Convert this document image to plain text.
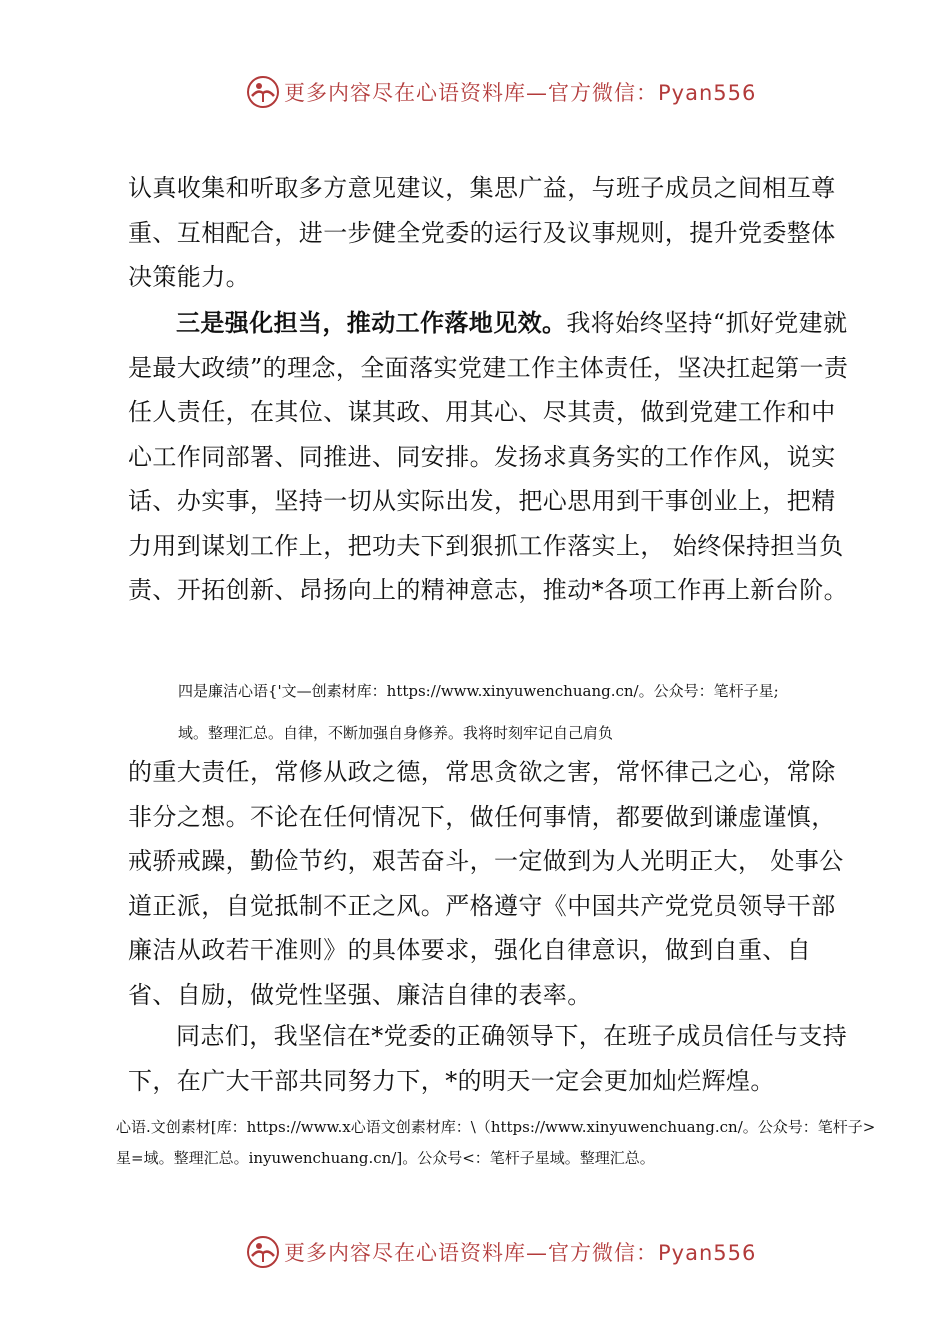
更多内容尽在心语资料库—官方微信：Pyan556

认真收集和听取多方意见建议，集思广益，与班子成员之间相互尊重、互相配合，进一步健全党委的运行及议事规则，提升党委整体决策能力。

三是强化担当，推动工作落地见效。我将始终坚持“抓好党建就是最大政绩”的理念，全面落实党建工作主体责任，坚决扛起第一责任人责任，在其位、谋其政、用其心、尽其责，做到党建工作和中心工作同部署、同推进、同安排。发扬求真务实的工作作风，说实话、办实事，坚持一切从实际出发，把心思用到干事创业上，把精力用到谋划工作上，把功夫下到狠抓工作落实上， 始终保持担当负责、开拓创新、昂扬向上的精神意志，推动*各项工作再上新台阶。

四是廉洁心语{'文—创素材库：https://www.xinyuwenchuang.cn/。公众号：笔杆子星;

域。整理汇总。自律，不断加强自身修养。我将时刻牢记自己肩负

的重大责任，常修从政之德，常思贪欲之害，常怀律己之心，常除非分之想。不论在任何情况下，做任何事情，都要做到谦虚谨慎，戒骄戒躁，勤俭节约，艰苦奋斗，一定做到为人光明正大， 处事公道正派，自觉抵制不正之风。严格遵守《中国共产党党员领导干部廉洁从政若干准则》的具体要求，强化自律意识，做到自重、自省、自励，做党性坚强、廉洁自律的表率。

同志们，我坚信在*党委的正确领导下，在班子成员信任与支持下，在广大干部共同努力下，*的明天一定会更加灿烂辉煌。

心语.文创素材[库：https://www.x心语文创素材库：\（https://www.xinyuwenchuang.cn/。公众号：笔杆子>星=域。整理汇总。inyuwenchuang.cn/]。公众号<：笔杆子星域。整理汇总。

更多内容尽在心语资料库—官方微信：Pyan556
